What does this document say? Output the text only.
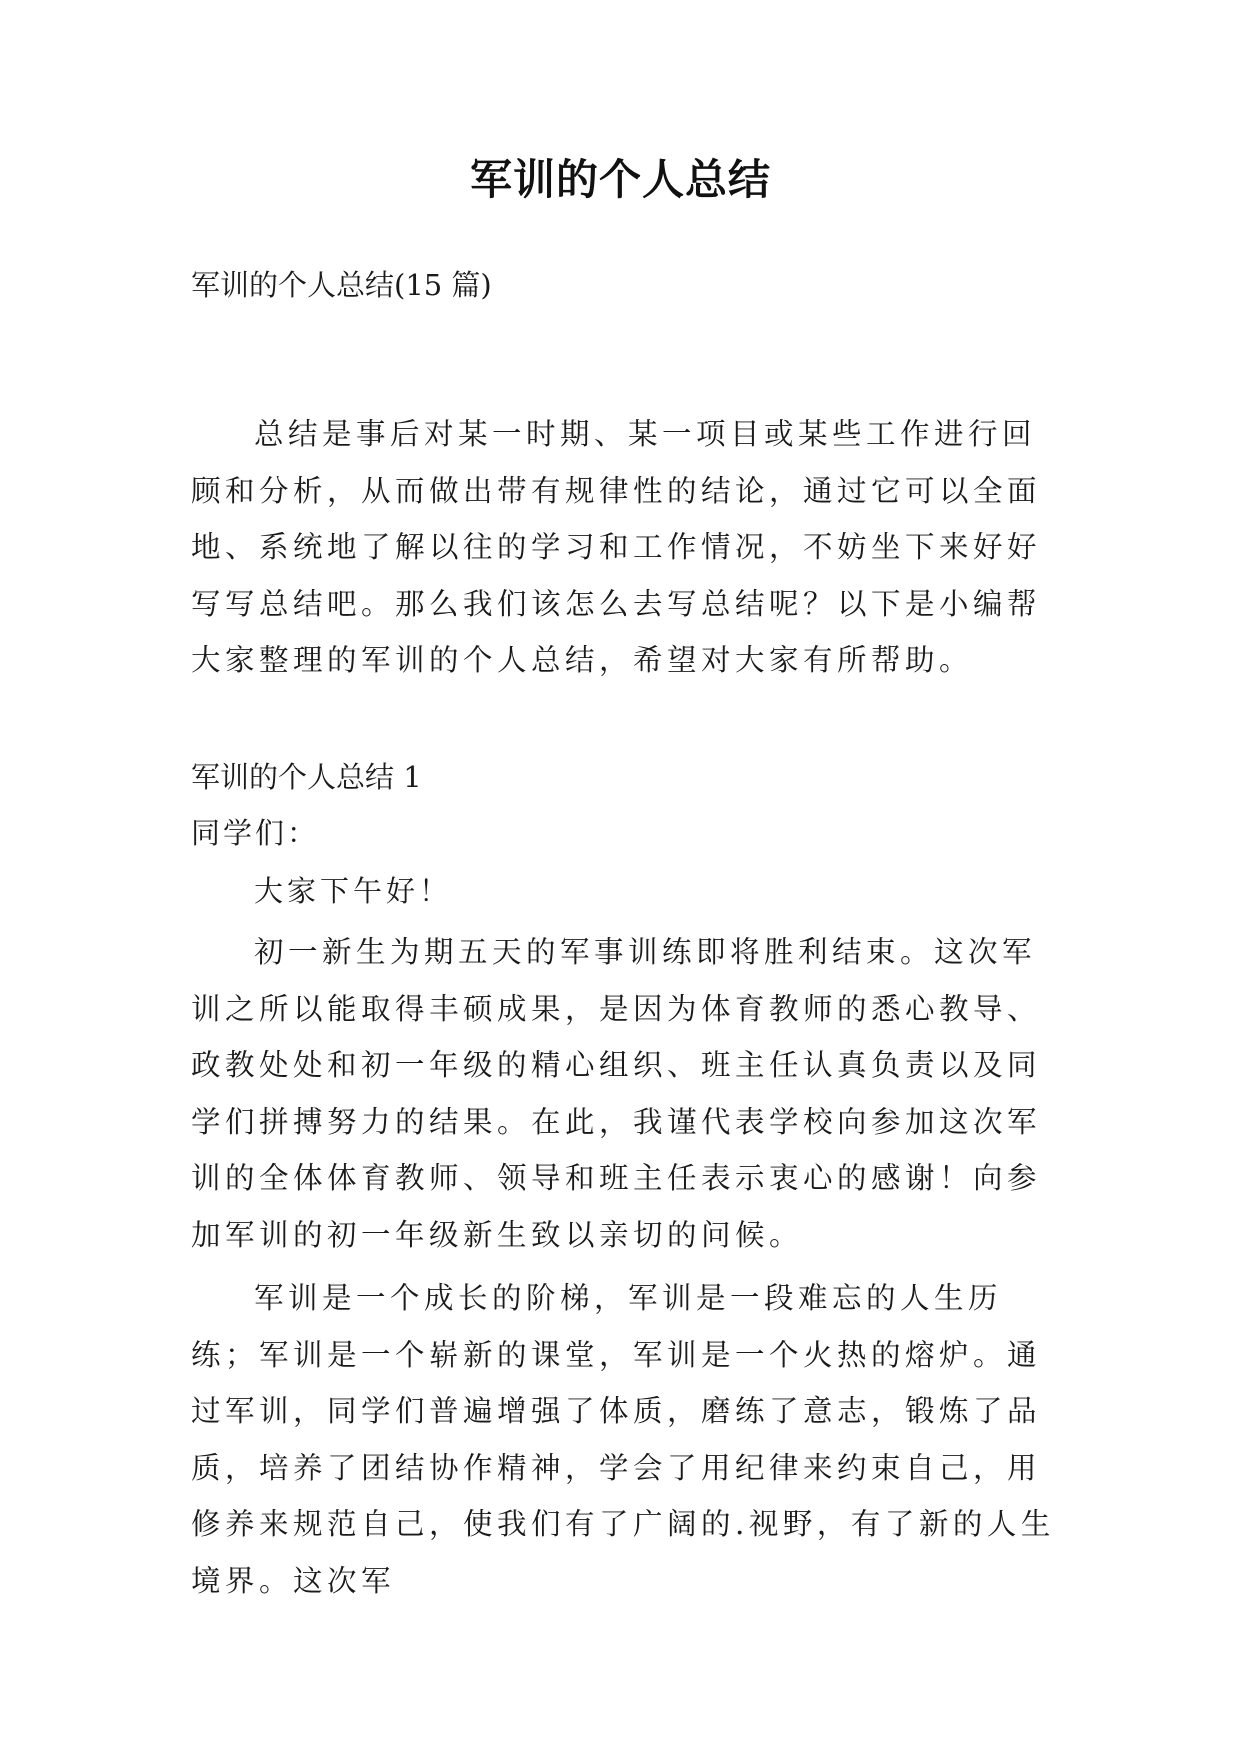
军训的个人总结
军训的个人总结(15 篇)
总结是事后对某一时期、某一项目或某些工作进行回顾和分析，从而做出带有规律性的结论，通过它可以全面地、系统地了解以往的学习和工作情况，不妨坐下来好好写写总结吧。那么我们该怎么去写总结呢？以下是小编帮大家整理的军训的个人总结，希望对大家有所帮助。
军训的个人总结 1
同学们：
大家下午好！
初一新生为期五天的军事训练即将胜利结束。这次军训之所以能取得丰硕成果，是因为体育教师的悉心教导、政教处处和初一年级的精心组织、班主任认真负责以及同学们拼搏努力的结果。在此，我谨代表学校向参加这次军训的全体体育教师、领导和班主任表示衷心的感谢！向参加军训的初一年级新生致以亲切的问候。
军训是一个成长的阶梯，军训是一段难忘的人生历练；军训是一个崭新的课堂，军训是一个火热的熔炉。通过军训，同学们普遍增强了体质，磨练了意志，锻炼了品质，培养了团结协作精神，学会了用纪律来约束自己，用修养来规范自己，使我们有了广阔的.视野，有了新的人生境界。这次军
